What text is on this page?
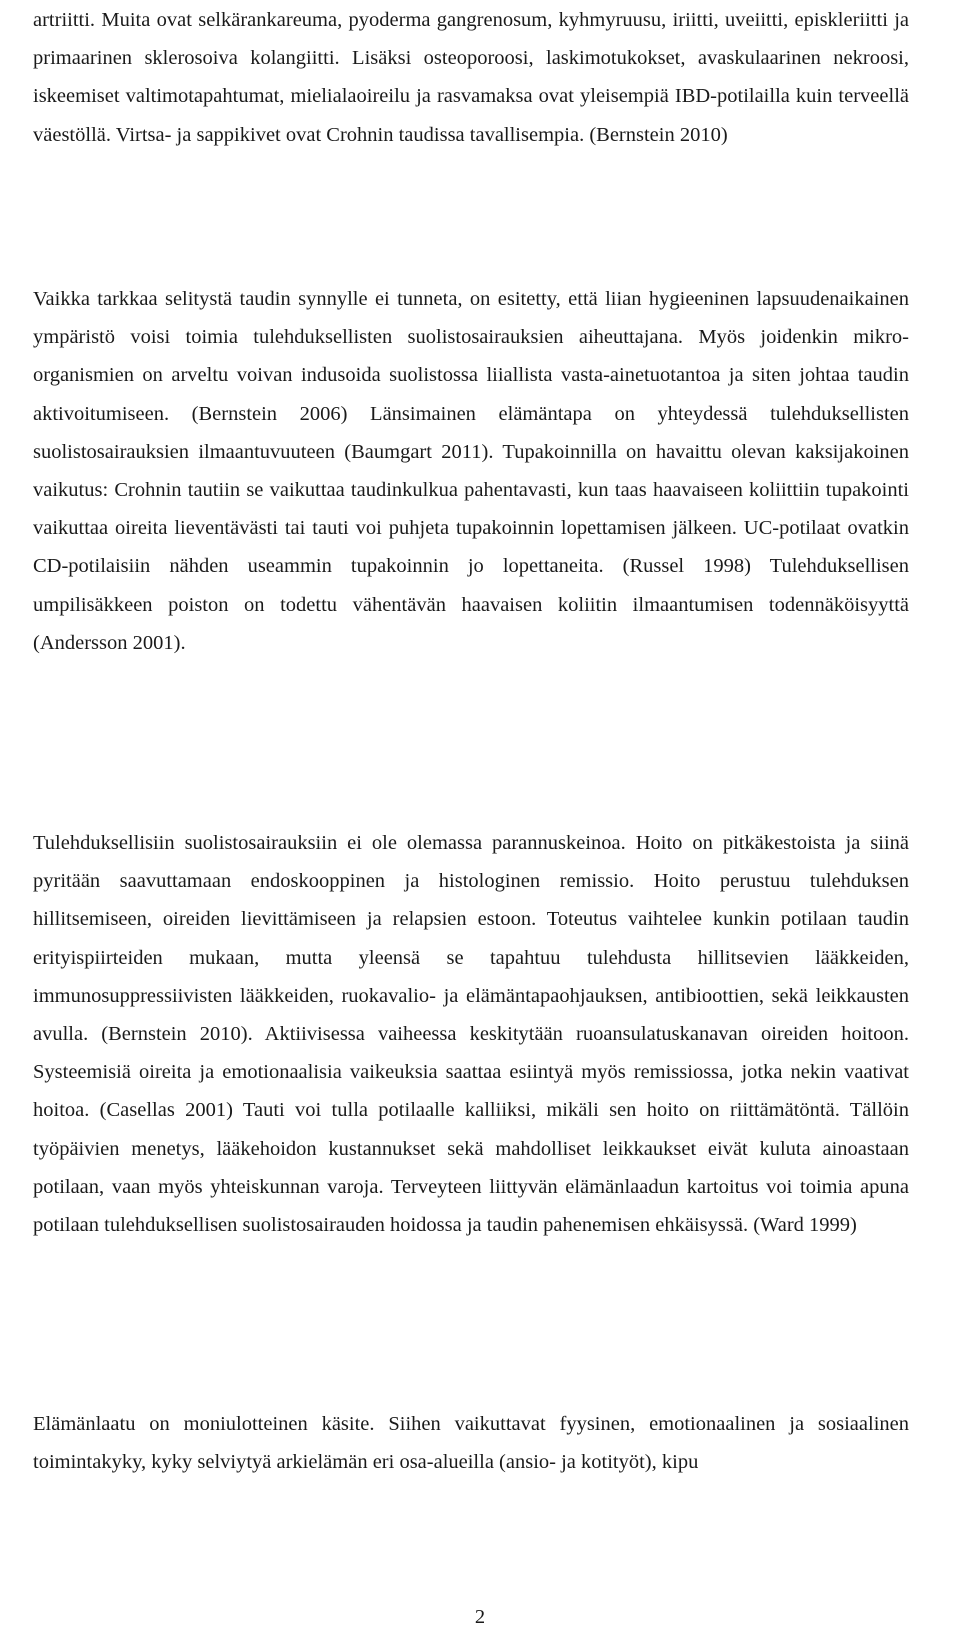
artriitti. Muita ovat selkärankareuma, pyoderma gangrenosum, kyhmyruusu, iriitti, uveiitti, episkleriitti ja primaarinen sklerosoiva kolangiitti. Lisäksi osteoporoosi, laskimotukokset, avaskulaarinen nekroosi, iskeemiset valtimotapahtumat, mielialaoireilu ja rasvamaksa ovat yleisempiä IBD-potilailla kuin terveellä väestöllä. Virtsa- ja sappikivet ovat Crohnin taudissa tavallisempia. (Bernstein 2010)

Vaikka tarkkaa selitystä taudin synnylle ei tunneta, on esitetty, että liian hygieeninen lapsuudenaikainen ympäristö voisi toimia tulehduksellisten suolistosairauksien aiheuttajana. Myös joidenkin mikro-organismien on arveltu voivan indusoida suolistossa liiallista vasta-ainetuotantoa ja siten johtaa taudin aktivoitumiseen. (Bernstein 2006) Länsimainen elämäntapa on yhteydessä tulehduksellisten suolistosairauksien ilmaantuvuuteen (Baumgart 2011). Tupakoinnilla on havaittu olevan kaksijakoinen vaikutus: Crohnin tautiin se vaikuttaa taudinkulkua pahentavasti, kun taas haavaiseen koliittiin tupakointi vaikuttaa oireita lieventävästi tai tauti voi puhjeta tupakoinnin lopettamisen jälkeen. UC-potilaat ovatkin CD-potilaisiin nähden useammin tupakoinnin jo lopettaneita. (Russel 1998) Tulehduksellisen umpilisäkkeen poiston on todettu vähentävän haavaisen koliitin ilmaantumisen todennäköisyyttä (Andersson 2001).

Tulehduksellisiin suolistosairauksiin ei ole olemassa parannuskeinoa. Hoito on pitkäkestoista ja siinä pyritään saavuttamaan endoskooppinen ja histologinen remissio. Hoito perustuu tulehduksen hillitsemiseen, oireiden lievittämiseen ja relapsien estoon. Toteutus vaihtelee kunkin potilaan taudin erityispiirteiden mukaan, mutta yleensä se tapahtuu tulehdusta hillitsevien lääkkeiden, immunosuppressiivisten lääkkeiden, ruokavalio- ja elämäntapaohjauksen, antibioottien, sekä leikkausten avulla. (Bernstein 2010). Aktiivisessa vaiheessa keskitytään ruoansulatuskanavan oireiden hoitoon. Systeemisiä oireita ja emotionaalisia vaikeuksia saattaa esiintyä myös remissiossa, jotka nekin vaativat hoitoa. (Casellas 2001) Tauti voi tulla potilaalle kalliiksi, mikäli sen hoito on riittämätöntä. Tällöin työpäivien menetys, lääkehoidon kustannukset sekä mahdolliset leikkaukset eivät kuluta ainoastaan potilaan, vaan myös yhteiskunnan varoja. Terveyteen liittyvän elämänlaadun kartoitus voi toimia apuna potilaan tulehduksellisen suolistosairauden hoidossa ja taudin pahenemisen ehkäisyssä. (Ward 1999)

Elämänlaatu on moniulotteinen käsite. Siihen vaikuttavat fyysinen, emotionaalinen ja sosiaalinen toimintakyky, kyky selviytyä arkielämän eri osa-alueilla (ansio- ja kotityöt), kipu

2
